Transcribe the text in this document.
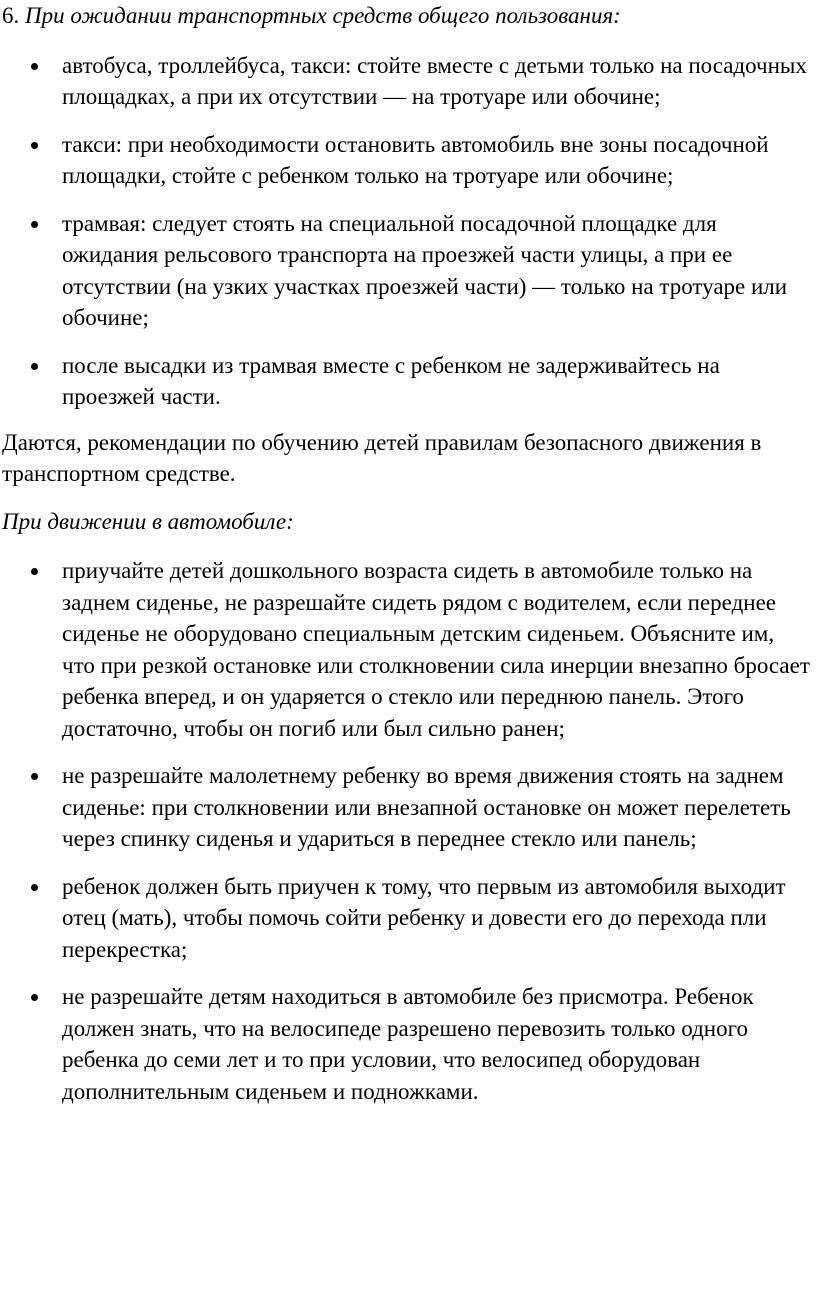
6. При ожидании транспортных средств общего пользования:

автобуса, троллейбуса, такси: стойте вместе с детьми только на посадочных площадках, а при их отсутствии — на тротуаре или обочине;
такси: при необходимости остановить автомобиль вне зоны посадочной площадки, стойте с ребенком только на тротуаре или обочине;
трамвая: следует стоять на специальной посадочной площадке для ожидания рельсового транспорта на проезжей части улицы, а при ее отсутствии (на узких участках проезжей части) — только на тротуаре или обочине;
после высадки из трамвая вместе с ребенком не задерживайтесь на проезжей части.

Даются, рекомендации по обучению детей правилам безопасного движения в транспортном средстве.

При движении в автомобиле:

приучайте детей дошкольного возраста сидеть в автомобиле только на заднем сиденье, не разрешайте сидеть рядом с водителем, если переднее сиденье не оборудовано специальным детским сиденьем. Объясните им, что при резкой остановке или столкновении сила инерции внезапно бросает ребенка вперед, и он ударяется о стекло или переднюю панель. Этого достаточно, чтобы он погиб или был сильно ранен;
не разрешайте малолетнему ребенку во время движения стоять на заднем сиденье: при столкновении или внезапной остановке он может перелететь через спинку сиденья и удариться в переднее стекло или панель;
ребенок должен быть приучен к тому, что первым из автомобиля выходит отец (мать), чтобы помочь сойти ребенку и довести его до перехода пли перекрестка;
не разрешайте детям находиться в автомобиле без присмотра. Ребенок должен знать, что на велосипеде разрешено перевозить только одного ребенка до семи лет и то при условии, что велосипед оборудован дополнительным сиденьем и подножками.
